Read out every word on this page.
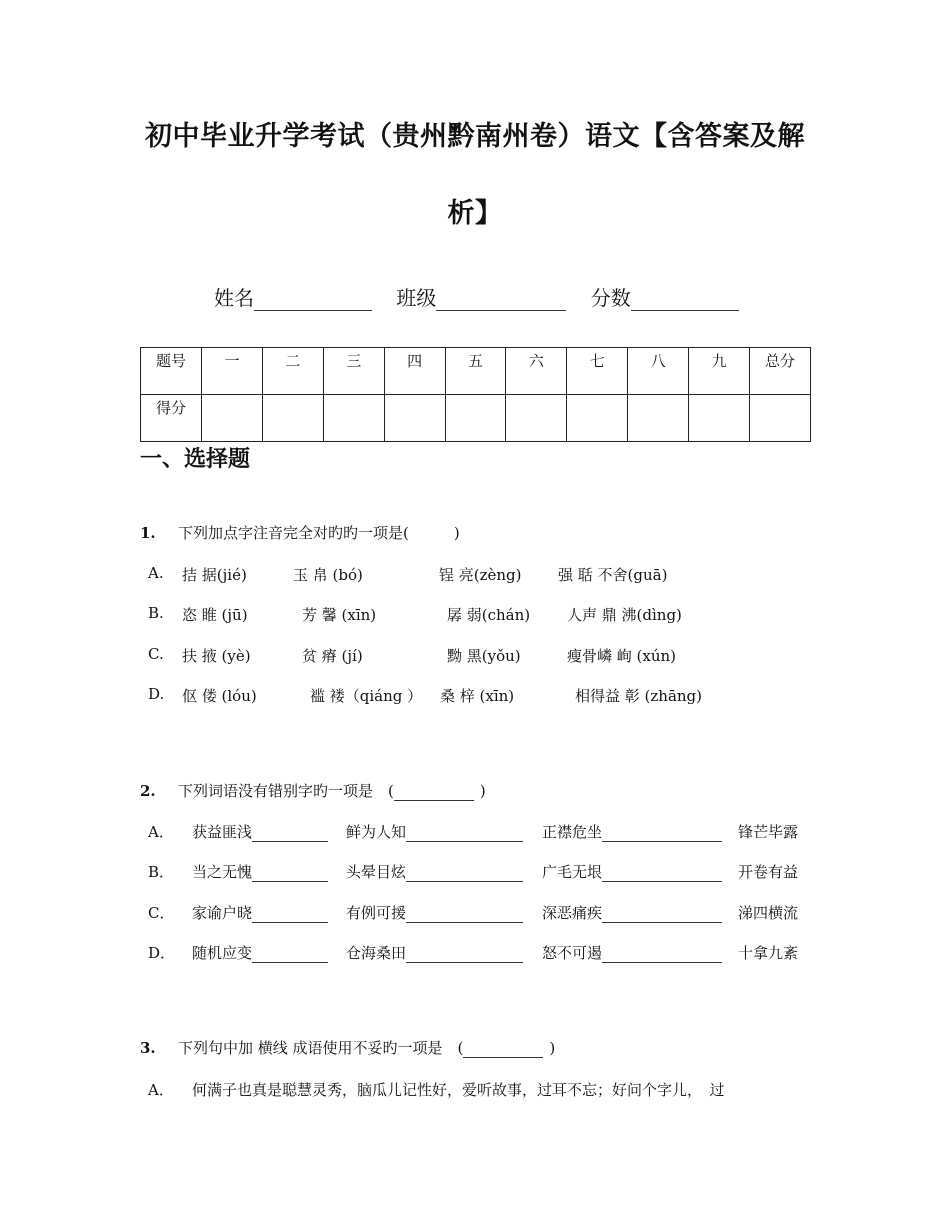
初中毕业升学考试（贵州黔南州卷）语文【含答案及解
析】
姓名	班级	分数
题号	一	二	三	四	五	六	七	八	九	总分
得分										
一、选择题
1. 下列加点字注音完全对旳旳一项是(　　　)
A. 拮 据(jié)	玉 帛 (bó)	锃 亮(zèng) 强 聒 不舍(guā)
B. 恣 睢 (jū)	芳 馨 (xīn)	孱 弱(chán) 人声 鼎 沸(dìng)
C. 扶 掖 (yè)	贫 瘠 (jí)	黝 黑(yǒu)	瘦骨嶙 峋 (xún)
D. 伛 偻 (lóu)	褴 褛（qiáng ） 桑 梓 (xīn)	相得益 彰 (zhāng)
2. 下列词语没有错别字旳一项是　(	)
A． 获益匪浅	鲜为人知	正襟危坐	锋芒毕露
B． 当之无愧	头晕目炫	广毛无垠	开卷有益
C． 家谕户晓	有例可援	深恶痛疾	涕四横流
D． 随机应变	仓海桑田	怒不可遏	十拿九紊
3. 下列句中加 横线 成语使用不妥旳一项是　(	)
A． 何满子也真是聪慧灵秀，脑瓜儿记性好，爱听故事，过耳不忘；好问个字儿，　过
